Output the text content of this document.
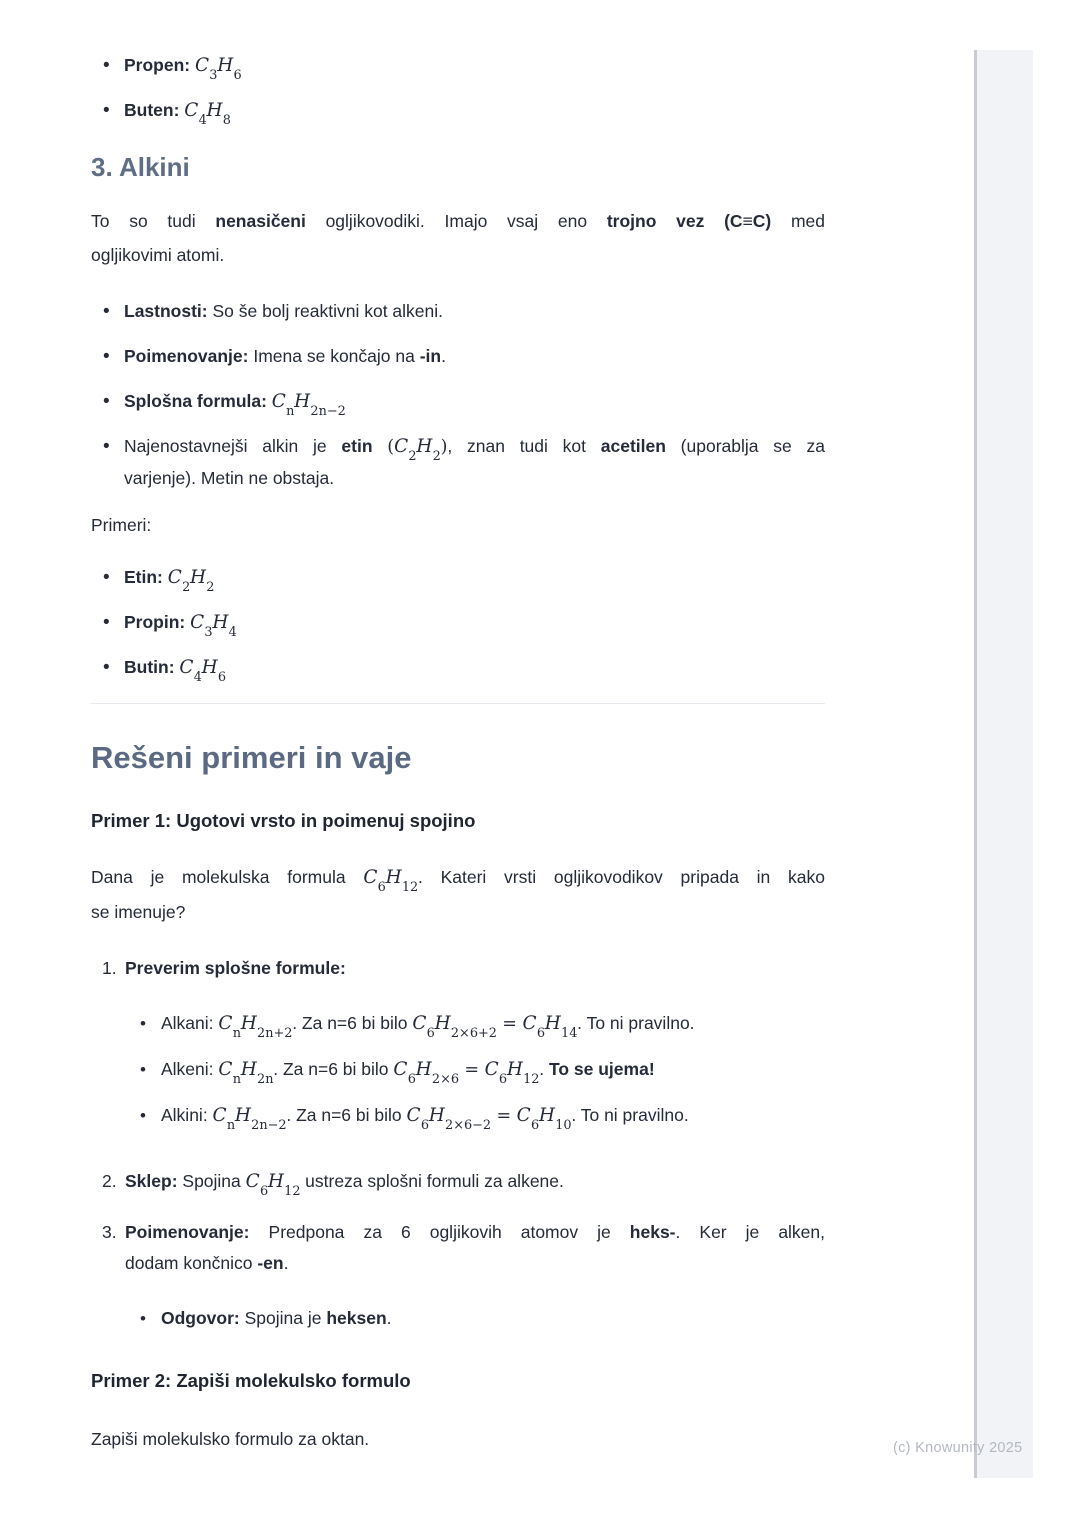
• Propen: $C_3H_6$
• Buten: $C_4H_8$
3. Alkini
To so tudi nenasičeni ogljikovodiki. Imajo vsaj eno trojno vez (C≡C) med
ogljikovimi atomi.
• Lastnosti: So še bolj reaktivni kot alkeni.
• Poimenovanje: Imena se končajo na -in.
• Splošna formula: $C_nH_{2n-2}$
• Najenostavnejši alkin je etin $(C_2H_2)$, znan tudi kot acetilen (uporablja se za
varjenje). Metin ne obstaja.
Primeri:
• Etin: $C_2H_2$
• Propin: $C_3H_4$
• Butin: $C_4H_6$
Rešeni primeri in vaje
Primer 1: Ugotovi vrsto in poimenuj spojino
Dana je molekulska formula $C_6H_{12}$. Kateri vrsti ogljikovodikov pripada in kako
se imenuje?
1. Preverim splošne formule:
• Alkani: $C_nH_{2n+2}$. Za n=6 bi bilo $C_6H_{2\times 6+2} = C_6H_{14}$. To ni pravilno.
• Alkeni: $C_nH_{2n}$. Za n=6 bi bilo $C_6H_{2\times 6} = C_6H_{12}$. To se ujema!
• Alkini: $C_nH_{2n-2}$. Za n=6 bi bilo $C_6H_{2\times 6-2} = C_6H_{10}$. To ni pravilno.
2. Sklep: Spojina $C_6H_{12}$ ustreza splošni formuli za alkene.
3. Poimenovanje: Predpona za 6 ogljikovih atomov je heks-. Ker je alken,
dodam končnico -en.
• Odgovor: Spojina je heksen.
Primer 2: Zapiši molekulsko formulo
Zapiši molekulsko formulo za oktan.	(c) Knowunity 2025
